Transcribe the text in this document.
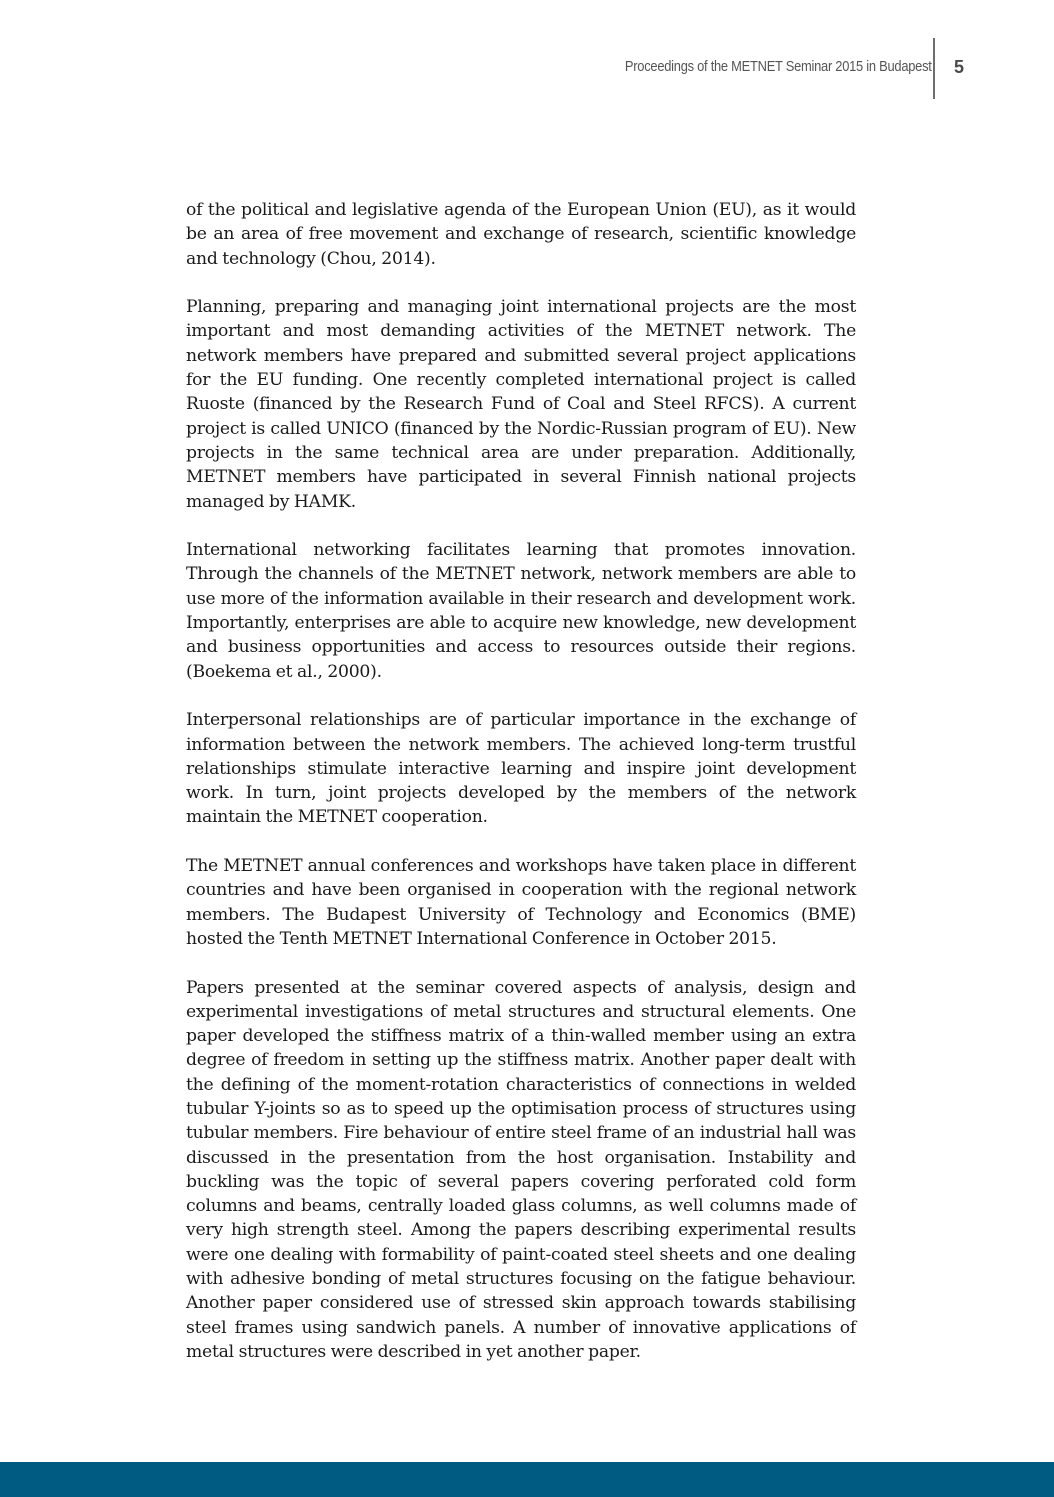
Proceedings of the METNET Seminar 2015 in Budapest 5

of the political and legislative agenda of the European Union (EU), as it would be an area of free movement and exchange of research, scientific knowledge and technology (Chou, 2014).

Planning, preparing and managing joint international projects are the most important and most demanding activities of the METNET network. The network members have prepared and submitted several project applications for the EU funding. One recently completed international project is called Ruoste (financed by the Research Fund of Coal and Steel RFCS). A current project is called UNICO (financed by the Nordic-Russian program of EU). New projects in the same technical area are under preparation. Additionally, METNET members have participated in several Finnish national projects managed by HAMK.

International networking facilitates learning that promotes innovation. Through the channels of the METNET network, network members are able to use more of the information available in their research and development work. Importantly, enterprises are able to acquire new knowledge, new development and business opportunities and access to resources outside their regions. (Boekema et al., 2000).

Interpersonal relationships are of particular importance in the exchange of information between the network members. The achieved long-term trustful relationships stimulate interactive learning and inspire joint development work. In turn, joint projects developed by the members of the network maintain the METNET cooperation.

The METNET annual conferences and workshops have taken place in different countries and have been organised in cooperation with the regional network members. The Budapest University of Technology and Economics (BME) hosted the Tenth METNET International Conference in October 2015.

Papers presented at the seminar covered aspects of analysis, design and experimental investigations of metal structures and structural elements. One paper developed the stiffness matrix of a thin-walled member using an extra degree of freedom in setting up the stiffness matrix. Another paper dealt with the defining of the moment-rotation characteristics of connections in welded tubular Y-joints so as to speed up the optimisation process of structures using tubular members. Fire behaviour of entire steel frame of an industrial hall was discussed in the presentation from the host organisation. Instability and buckling was the topic of several papers covering perforated cold form columns and beams, centrally loaded glass columns, as well columns made of very high strength steel. Among the papers describing experimental results were one dealing with formability of paint-coated steel sheets and one dealing with adhesive bonding of metal structures focusing on the fatigue behaviour. Another paper considered use of stressed skin approach towards stabilising steel frames using sandwich panels. A number of innovative applications of metal structures were described in yet another paper.
